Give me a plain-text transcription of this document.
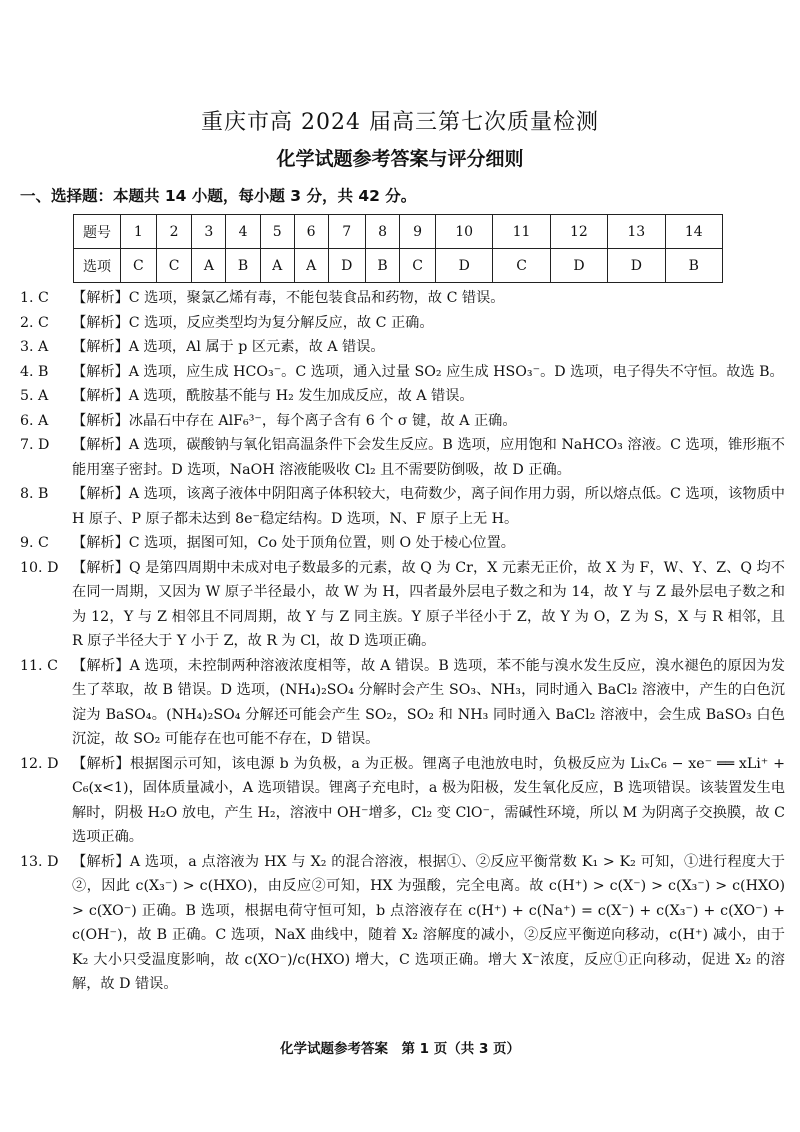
重庆市高 2024 届高三第七次质量检测
化学试题参考答案与评分细则
一、选择题：本题共 14 小题，每小题 3 分，共 42 分。
题号	1	2	3	4	5	6	7	8	9	10	11	12	13	14
选项	C	C	A	B	A	A	D	B	C	D	C	D	D	B
1. C	【解析】C 选项，聚氯乙烯有毒，不能包装食品和药物，故 C 错误。
2. C	【解析】C 选项，反应类型均为复分解反应，故 C 正确。
3. A	【解析】A 选项，Al 属于 p 区元素，故 A 错误。
4. B	【解析】A 选项，应生成 HCO₃⁻。C 选项，通入过量 SO₂ 应生成 HSO₃⁻。D 选项，电子得失不守恒。故选 B。
5. A	【解析】A 选项，酰胺基不能与 H₂ 发生加成反应，故 A 错误。
6. A	【解析】冰晶石中存在 AlF₆³⁻，每个离子含有 6 个 σ 键，故 A 正确。
7. D	【解析】A 选项，碳酸钠与氧化铝高温条件下会发生反应。B 选项，应用饱和 NaHCO₃ 溶液。C 选项，锥形瓶不能用塞子密封。D 选项，NaOH 溶液能吸收 Cl₂ 且不需要防倒吸，故 D 正确。
8. B	【解析】A 选项，该离子液体中阴阳离子体积较大，电荷数少，离子间作用力弱，所以熔点低。C 选项，该物质中 H 原子、P 原子都未达到 8e⁻稳定结构。D 选项，N、F 原子上无 H。
9. C	【解析】C 选项，据图可知，Co 处于顶角位置，则 O 处于棱心位置。
10. D 【解析】Q 是第四周期中未成对电子数最多的元素，故 Q 为 Cr，X 元素无正价，故 X 为 F，W、Y、Z、Q 均不在同一周期，又因为 W 原子半径最小，故 W 为 H，四者最外层电子数之和为 14，故 Y 与 Z 最外层电子数之和为 12，Y 与 Z 相邻且不同周期，故 Y 与 Z 同主族。Y 原子半径小于 Z，故 Y 为 O，Z 为 S，X 与 R 相邻，且 R 原子半径大于 Y 小于 Z，故 R 为 Cl，故 D 选项正确。
11. C 【解析】A 选项，未控制两种溶液浓度相等，故 A 错误。B 选项，苯不能与溴水发生反应，溴水褪色的原因为发生了萃取，故 B 错误。D 选项，(NH₄)₂SO₄ 分解时会产生 SO₃、NH₃，同时通入 BaCl₂ 溶液中，产生的白色沉淀为 BaSO₄。(NH₄)₂SO₄ 分解还可能会产生 SO₂，SO₂ 和 NH₃ 同时通入 BaCl₂ 溶液中，会生成 BaSO₃ 白色沉淀，故 SO₂ 可能存在也可能不存在，D 错误。
12. D 【解析】根据图示可知，该电源 b 为负极，a 为正极。锂离子电池放电时，负极反应为 LiₓC₆ − xe⁻ ══ xLi⁺ + C₆(x<1)，固体质量减小，A 选项错误。锂离子充电时，a 极为阳极，发生氧化反应，B 选项错误。该装置发生电解时，阴极 H₂O 放电，产生 H₂，溶液中 OH⁻增多，Cl₂ 变 ClO⁻，需碱性环境，所以 M 为阴离子交换膜，故 C 选项正确。
13. D 【解析】A 选项，a 点溶液为 HX 与 X₂ 的混合溶液，根据①、②反应平衡常数 K₁ > K₂ 可知，①进行程度大于②，因此 c(X₃⁻) > c(HXO)，由反应②可知，HX 为强酸，完全电离。故 c(H⁺) > c(X⁻) > c(X₃⁻) > c(HXO) > c(XO⁻) 正确。B 选项，根据电荷守恒可知，b 点溶液存在 c(H⁺) + c(Na⁺) = c(X⁻) + c(X₃⁻) + c(XO⁻) + c(OH⁻)，故 B 正确。C 选项，NaX 曲线中，随着 X₂ 溶解度的减小，②反应平衡逆向移动，c(H⁺) 减小，由于 K₂ 大小只受温度影响，故 c(XO⁻)/c(HXO) 增大，C 选项正确。增大 X⁻浓度，反应①正向移动，促进 X₂ 的溶解，故 D 错误。
化学试题参考答案　第 1 页（共 3 页）
